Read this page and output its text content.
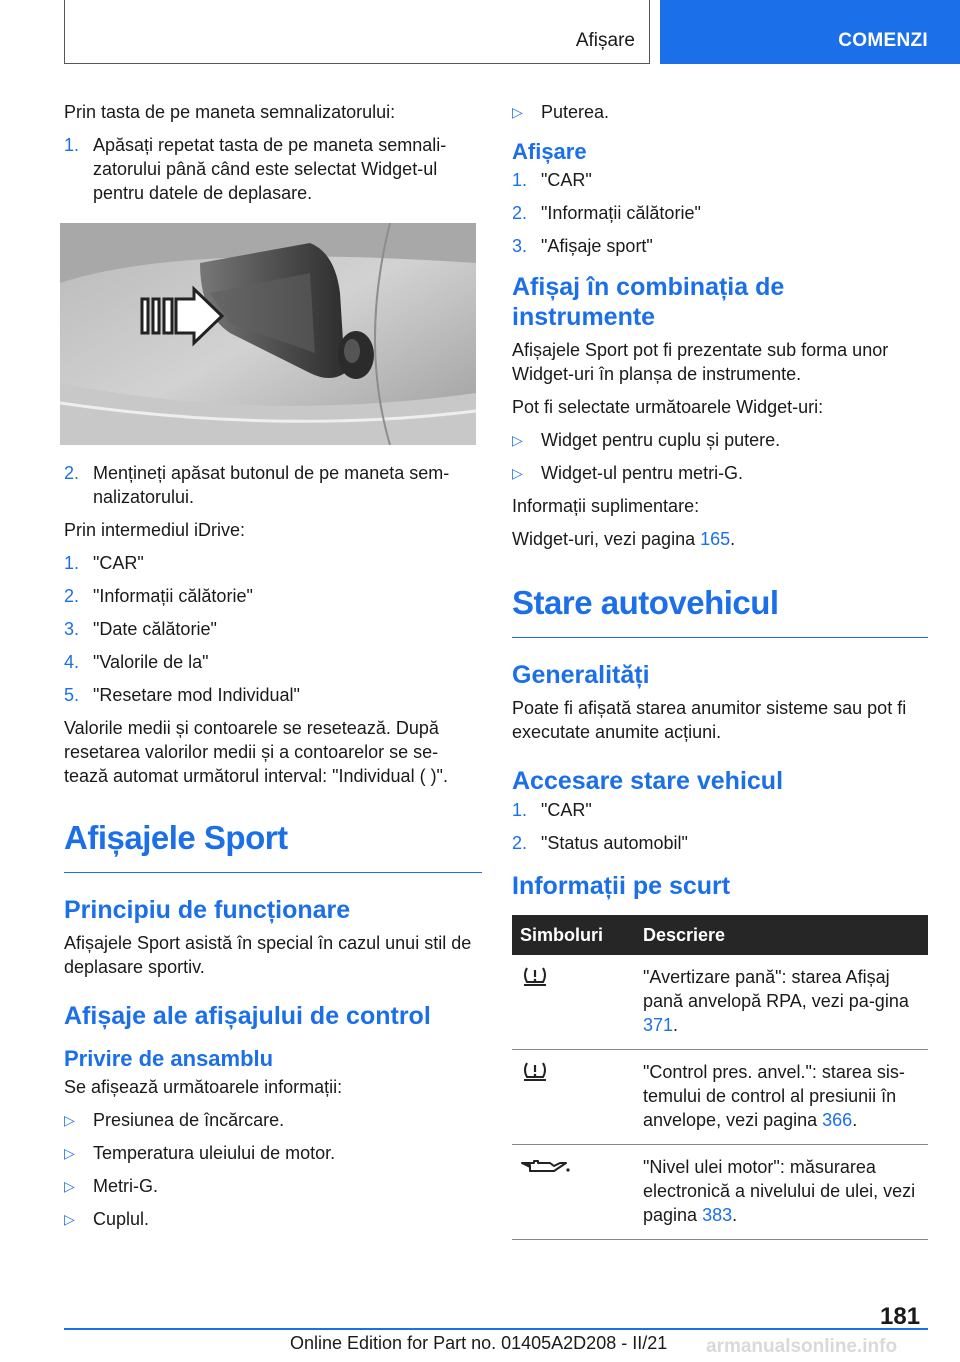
Afișare	COMENZI

Prin tasta de pe maneta semnalizatorului:

1. Apăsați repetat tasta de pe maneta semnali-zatorului până când este selectat Widget-ul pentru datele de deplasare.
2. Mențineți apăsat butonul de pe maneta sem-nalizatorului.

Prin intermediul iDrive:

1. "CAR"
2. "Informații călătorie"
3. "Date călătorie"
4. "Valorile de la"
5. "Resetare mod Individual"

Valorile medii și contoarele se resetează. După resetarea valorilor medii și a contoarelor se se-tează automat următorul interval: "Individual ( )".

Afișajele Sport
Principiu de funcționare

Afișajele Sport asistă în special în cazul unui stil de deplasare sportiv.

Afișaje ale afișajului de control
Privire de ansamblu

Se afișează următoarele informații:

▷ Presiunea de încărcare.
▷ Temperatura uleiului de motor.
▷ Metri-G.
▷ Cuplul.
▷ Puterea.
Afișare
1. "CAR"
2. "Informații călătorie"
3. "Afișaje sport"
Afișaj în combinația de instrumente

Afișajele Sport pot fi prezentate sub forma unor Widget-uri în planșa de instrumente.

Pot fi selectate următoarele Widget-uri:

▷ Widget pentru cuplu și putere.
▷ Widget-ul pentru metri-G.

Informații suplimentare:

Widget-uri, vezi pagina 165.

Stare autovehicul
Generalități

Poate fi afișată starea anumitor sisteme sau pot fi executate anumite acțiuni.

Accesare stare vehicul
1. "CAR"
2. "Status automobil"
Informații pe scurt
Simboluri	Descriere
	"Avertizare pană": starea Afișaj pană anvelopă RPA, vezi pa-gina 371.
	"Control pres. anvel.": starea sis-temului de control al presiunii în anvelope, vezi pagina 366.
	"Nivel ulei motor": măsurarea electronică a nivelului de ulei, vezi pagina 383.
181
Online Edition for Part no. 01405A2D208 - II/21 armanualsonline.info
